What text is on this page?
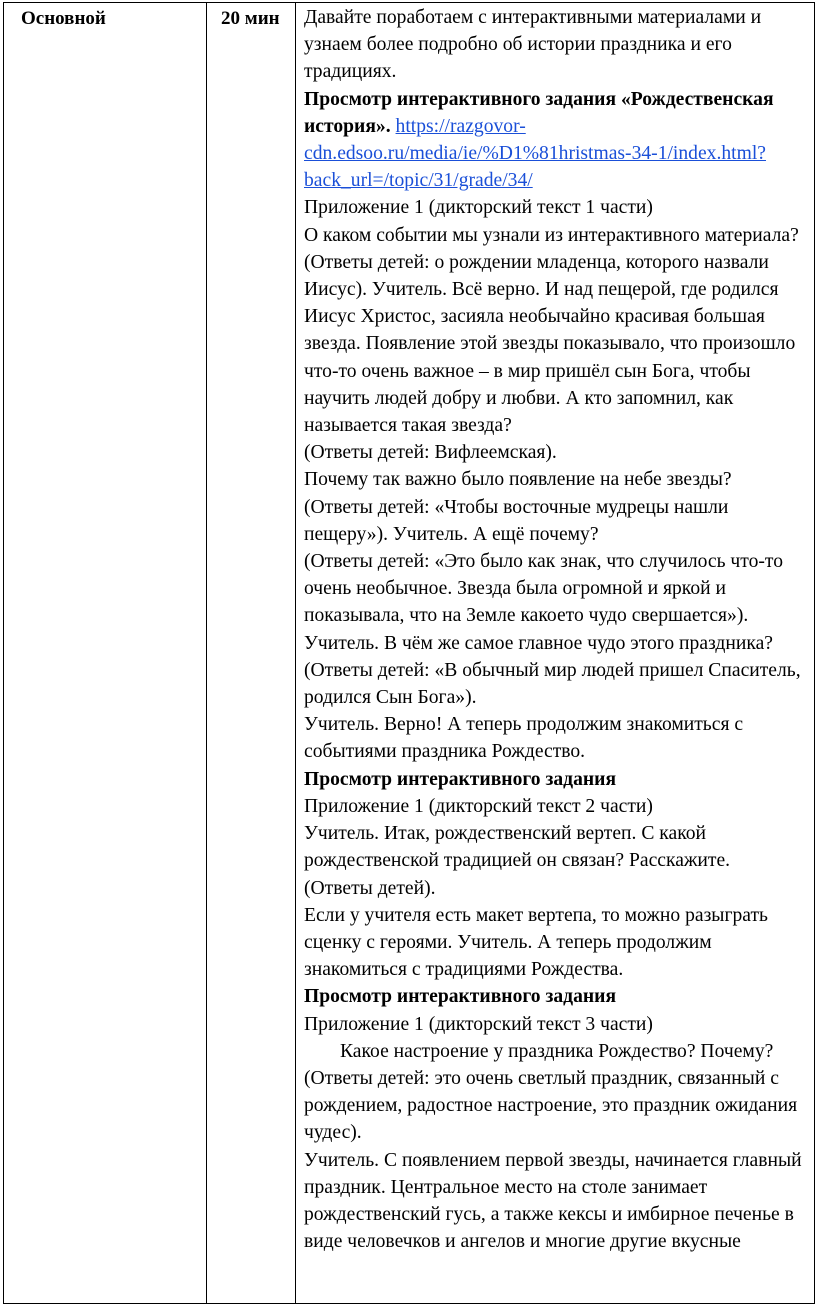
Основной	20 мин	Давайте поработаем с интерактивными материалами и узнаем более подробно об истории праздника и его традициях.

Просмотр интерактивного задания «Рождественская история». https://razgovor-cdn.edsoo.ru/media/ie/%D1%81hristmas-34-1/index.html?back_url=/topic/31/grade/34/

Приложение 1 (дикторский текст 1 части)

О каком событии мы узнали из интерактивного материала?

(Ответы детей: о рождении младенца, которого назвали Иисус). Учитель. Всё верно. И над пещерой, где родился Иисус Христос, засияла необычайно красивая большая звезда. Появление этой звезды показывало, что произошло что-то очень важное – в мир пришёл сын Бога, чтобы научить людей добру и любви. А кто запомнил, как называется такая звезда?

(Ответы детей: Вифлеемская).

Почему так важно было появление на небе звезды?

(Ответы детей: «Чтобы восточные мудрецы нашли пещеру»). Учитель. А ещё почему?

(Ответы детей: «Это было как знак, что случилось что-то очень необычное. Звезда была огромной и яркой и показывала, что на Земле какоето чудо свершается»).

Учитель. В чём же самое главное чудо этого праздника?

(Ответы детей: «В обычный мир людей пришел Спаситель, родился Сын Бога»).

Учитель. Верно! А теперь продолжим знакомиться с событиями праздника Рождество.

Просмотр интерактивного задания

Приложение 1 (дикторский текст 2 части)

Учитель. Итак, рождественский вертеп. С какой рождественской традицией он связан? Расскажите.

(Ответы детей).

Если у учителя есть макет вертепа, то можно разыграть сценку с героями. Учитель. А теперь продолжим знакомиться с традициями Рождества.

Просмотр интерактивного задания

Приложение 1 (дикторский текст 3 части)

Какое настроение у праздника Рождество? Почему?

(Ответы детей: это очень светлый праздник, связанный с рождением, радостное настроение, это праздник ожидания чудес).

Учитель. С появлением первой звезды, начинается главный праздник. Центральное место на столе занимает рождественский гусь, а также кексы и имбирное печенье в виде человечков и ангелов и многие другие вкусные
